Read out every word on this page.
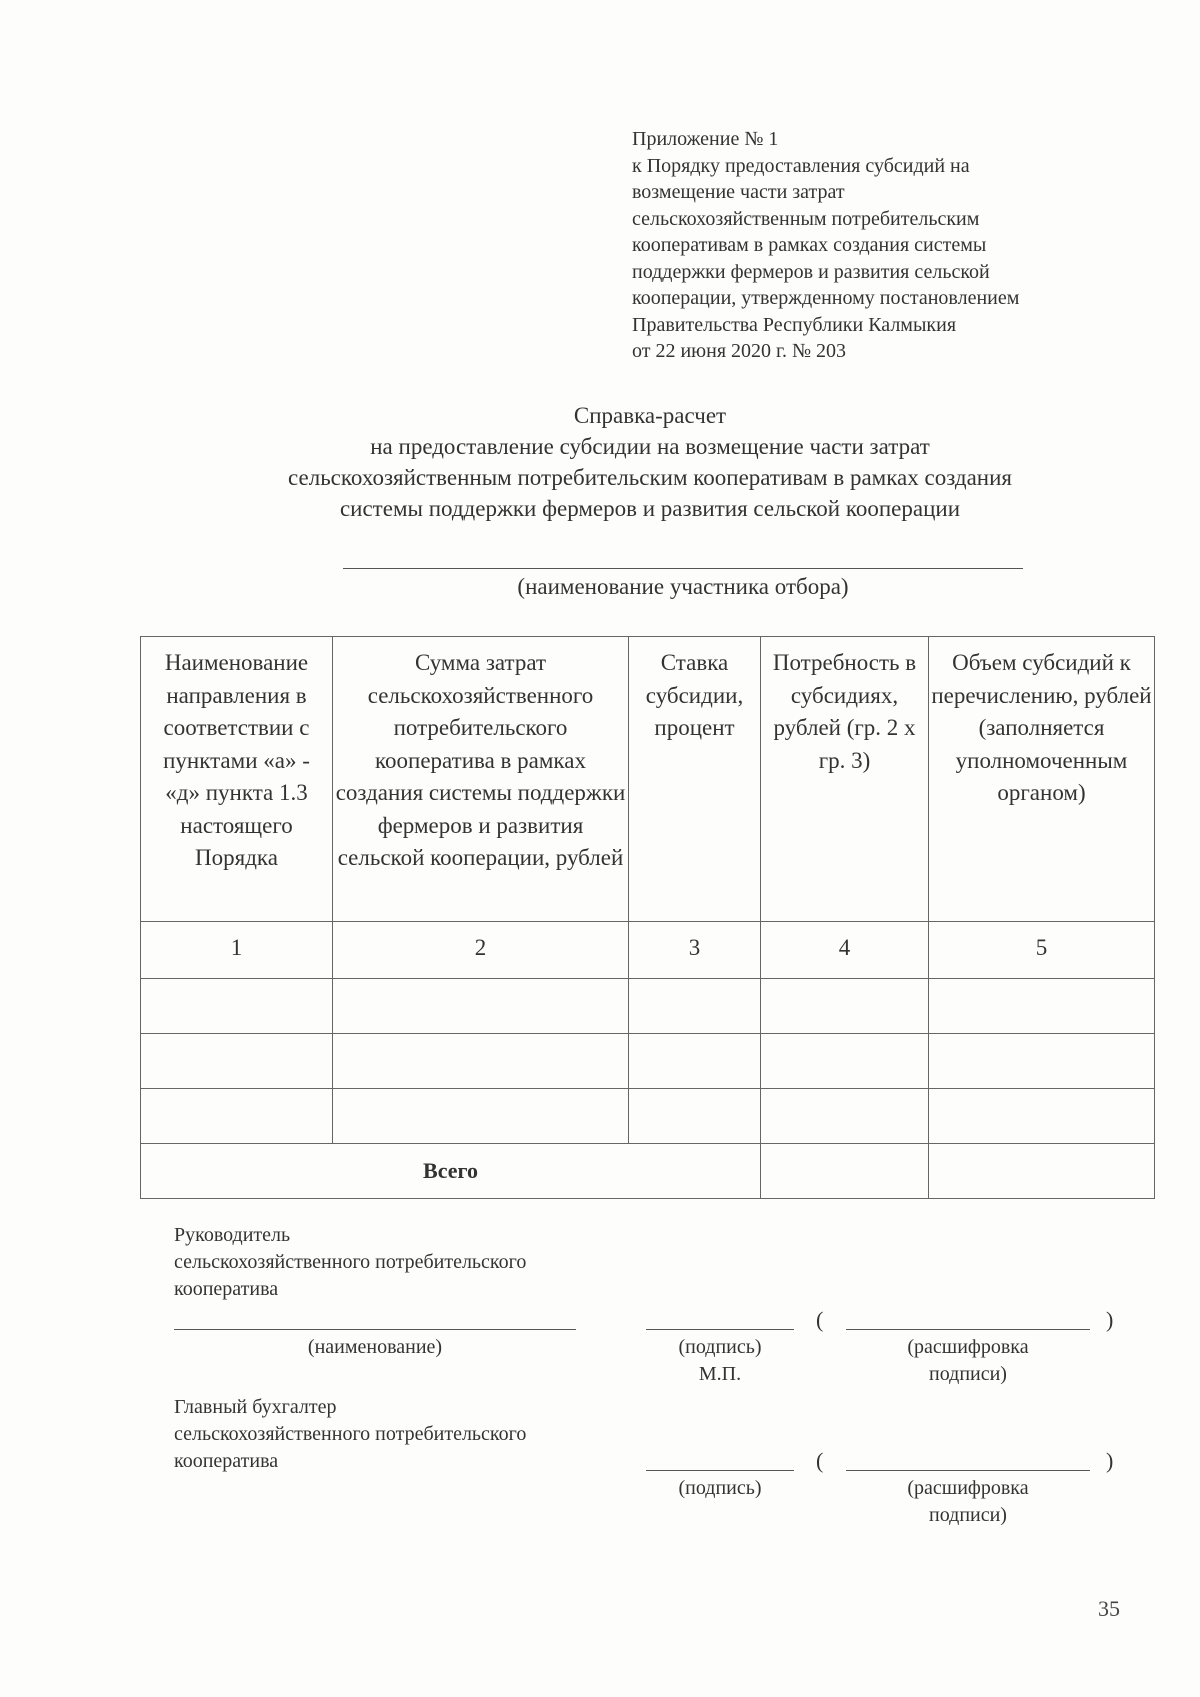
Приложение № 1
к Порядку предоставления субсидий на
возмещение части затрат
сельскохозяйственным потребительским
кооперативам в рамках создания системы
поддержки фермеров и развития сельской
кооперации, утвержденному постановлением
Правительства Республики Калмыкия
от 22 июня 2020 г. № 203
Справка-расчет
на предоставление субсидии на возмещение части затрат
сельскохозяйственным потребительским кооперативам в рамках создания
системы поддержки фермеров и развития сельской кооперации
(наименование участника отбора)
Наименование направления в соответствии с пунктами «а» - «д» пункта 1.3 настоящего Порядка	Сумма затрат сельскохозяйственного потребительского кооператива в рамках создания системы поддержки фермеров и развития сельской кооперации, рублей	Ставка субсидии, процент	Потребность в субсидиях, рублей (гр. 2 х гр. 3)	Объем субсидий к перечислению, рублей (заполняется уполномоченным органом)
1	2	3	4	5

Всего				
Руководитель
сельскохозяйственного потребительского
кооператива
(наименование)	(подпись)
М.П.
(	)
(расшифровка
подписи)
Главный бухгалтер
сельскохозяйственного потребительского
кооператива
(подпись)
(	)
(расшифровка
подписи)
35
